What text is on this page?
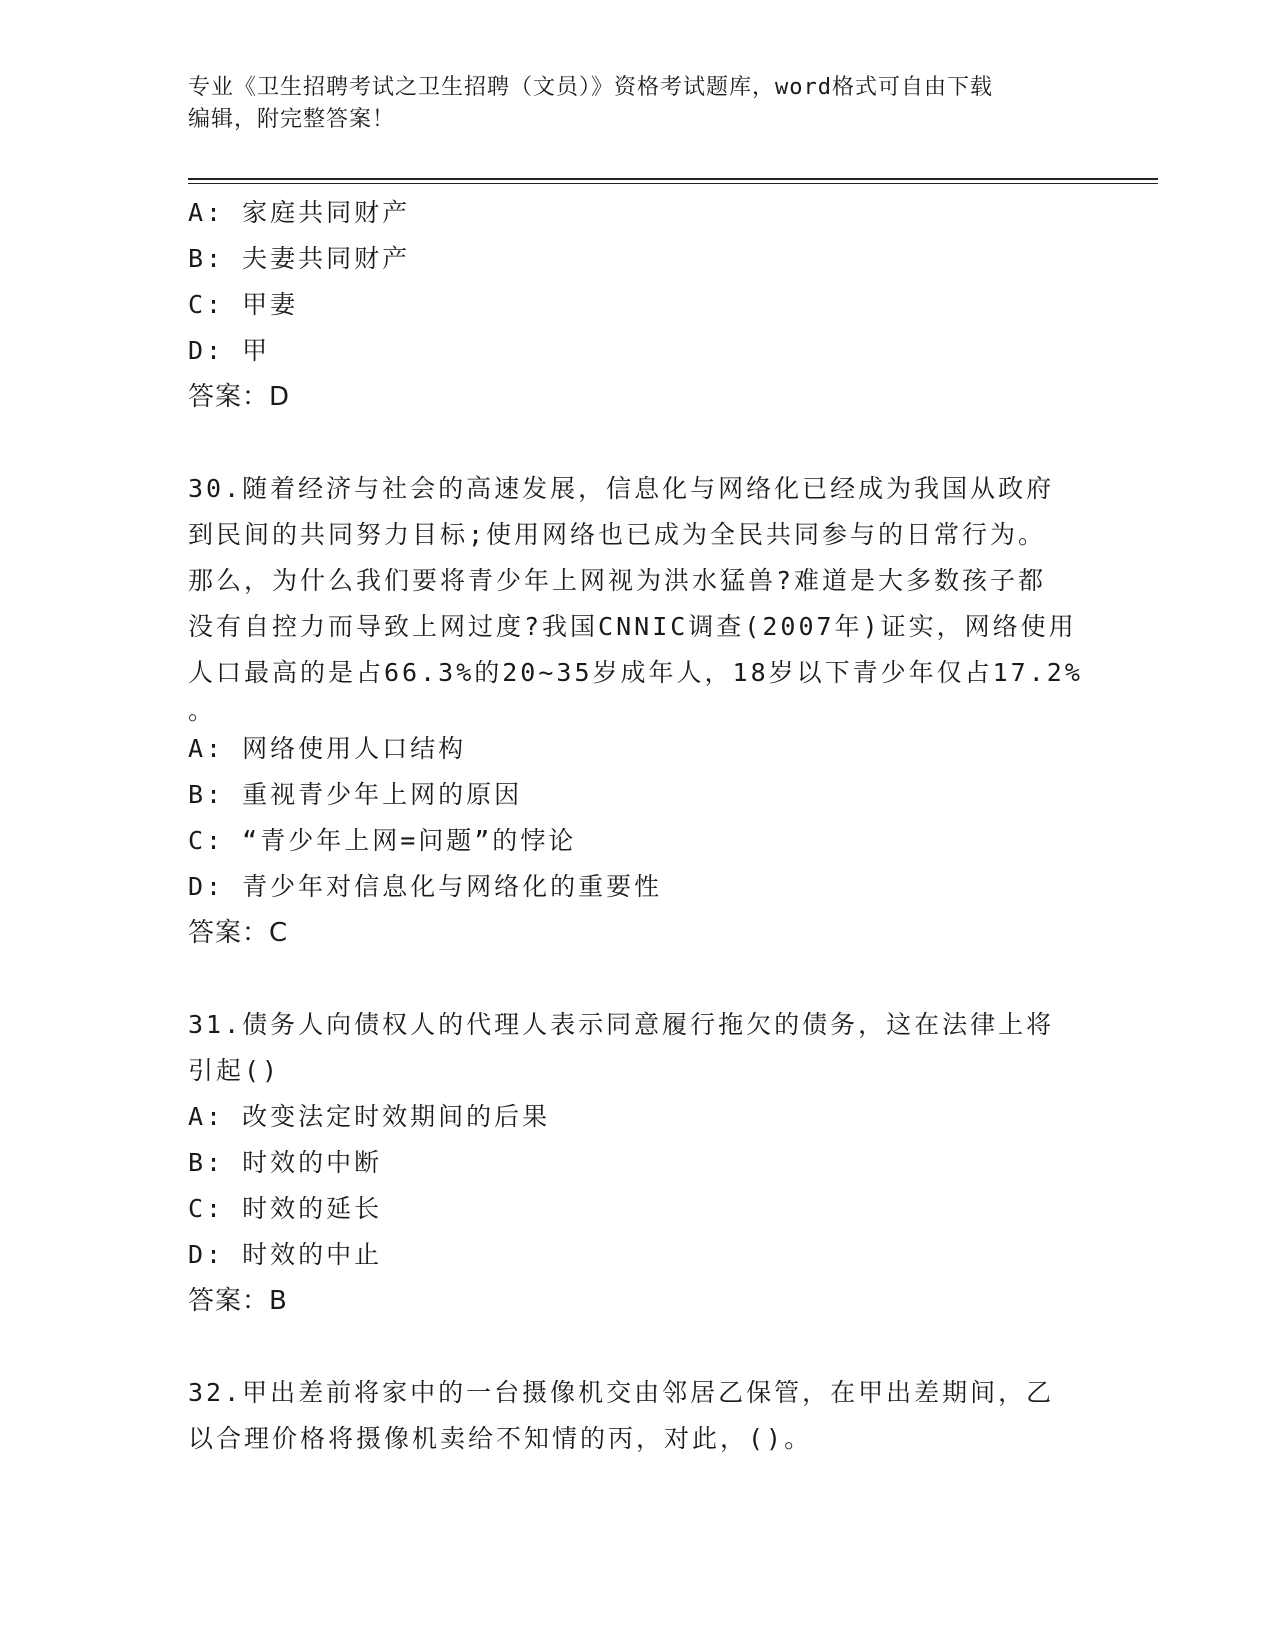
专业《卫生招聘考试之卫生招聘（文员）》资格考试题库，word格式可自由下载
编辑，附完整答案！
A: 家庭共同财产
B: 夫妻共同财产
C: 甲妻
D: 甲
答案：D
30.随着经济与社会的高速发展，信息化与网络化已经成为我国从政府
到民间的共同努力目标;使用网络也已成为全民共同参与的日常行为。
那么，为什么我们要将青少年上网视为洪水猛兽?难道是大多数孩子都
没有自控力而导致上网过度?我国CNNIC调查(2007年)证实，网络使用
人口最高的是占66.3%的20~35岁成年人，18岁以下青少年仅占17.2%
。
A: 网络使用人口结构
B: 重视青少年上网的原因
C: “青少年上网=问题”的悖论
D: 青少年对信息化与网络化的重要性
答案：C
31.债务人向债权人的代理人表示同意履行拖欠的债务，这在法律上将
引起()
A: 改变法定时效期间的后果
B: 时效的中断
C: 时效的延长
D: 时效的中止
答案：B
32.甲出差前将家中的一台摄像机交由邻居乙保管，在甲出差期间，乙
以合理价格将摄像机卖给不知情的丙，对此，()。
